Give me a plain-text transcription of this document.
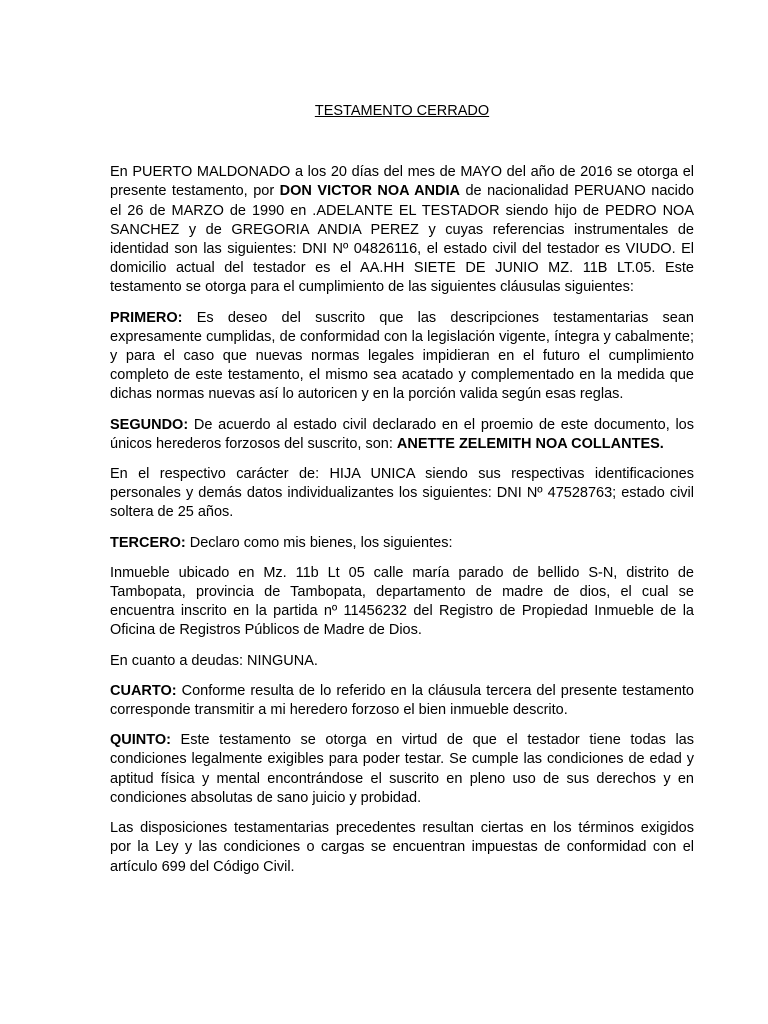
TESTAMENTO CERRADO

En PUERTO MALDONADO a los 20 días del mes de MAYO del año de 2016 se otorga el presente testamento, por DON VICTOR NOA ANDIA de nacionalidad PERUANO nacido el 26 de MARZO de 1990 en .ADELANTE EL TESTADOR siendo hijo de PEDRO NOA SANCHEZ y de GREGORIA ANDIA PEREZ y cuyas referencias instrumentales de identidad son las siguientes: DNI Nº 04826116, el estado civil del testador es VIUDO. El domicilio actual del testador es el AA.HH SIETE DE JUNIO MZ. 11B LT.05. Este testamento se otorga para el cumplimiento de las siguientes cláusulas siguientes:

PRIMERO: Es deseo del suscrito que las descripciones testamentarias sean expresamente cumplidas, de conformidad con la legislación vigente, íntegra y cabalmente; y para el caso que nuevas normas legales impidieran en el futuro el cumplimiento completo de este testamento, el mismo sea acatado y complementado en la medida que dichas normas nuevas así lo autoricen y en la porción valida según esas reglas.

SEGUNDO: De acuerdo al estado civil declarado en el proemio de este documento, los únicos herederos forzosos del suscrito, son: ANETTE ZELEMITH NOA COLLANTES.

En el respectivo carácter de: HIJA UNICA siendo sus respectivas identificaciones personales y demás datos individualizantes los siguientes: DNI Nº 47528763; estado civil soltera de 25 años.

TERCERO: Declaro como mis bienes, los siguientes:

Inmueble ubicado en Mz. 11b Lt 05 calle maría parado de bellido S-N, distrito de Tambopata, provincia de Tambopata, departamento de madre de dios, el cual se encuentra inscrito en la partida nº 11456232 del Registro de Propiedad Inmueble de la Oficina de Registros Públicos de Madre de Dios.

En cuanto a deudas: NINGUNA.

CUARTO: Conforme resulta de lo referido en la cláusula tercera del presente testamento corresponde transmitir a mi heredero forzoso el bien inmueble descrito.

QUINTO: Este testamento se otorga en virtud de que el testador tiene todas las condiciones legalmente exigibles para poder testar. Se cumple las condiciones de edad y aptitud física y mental encontrándose el suscrito en pleno uso de sus derechos y en condiciones absolutas de sano juicio y probidad.

Las disposiciones testamentarias precedentes resultan ciertas en los términos exigidos por la Ley y las condiciones o cargas se encuentran impuestas de conformidad con el artículo 699 del Código Civil.
